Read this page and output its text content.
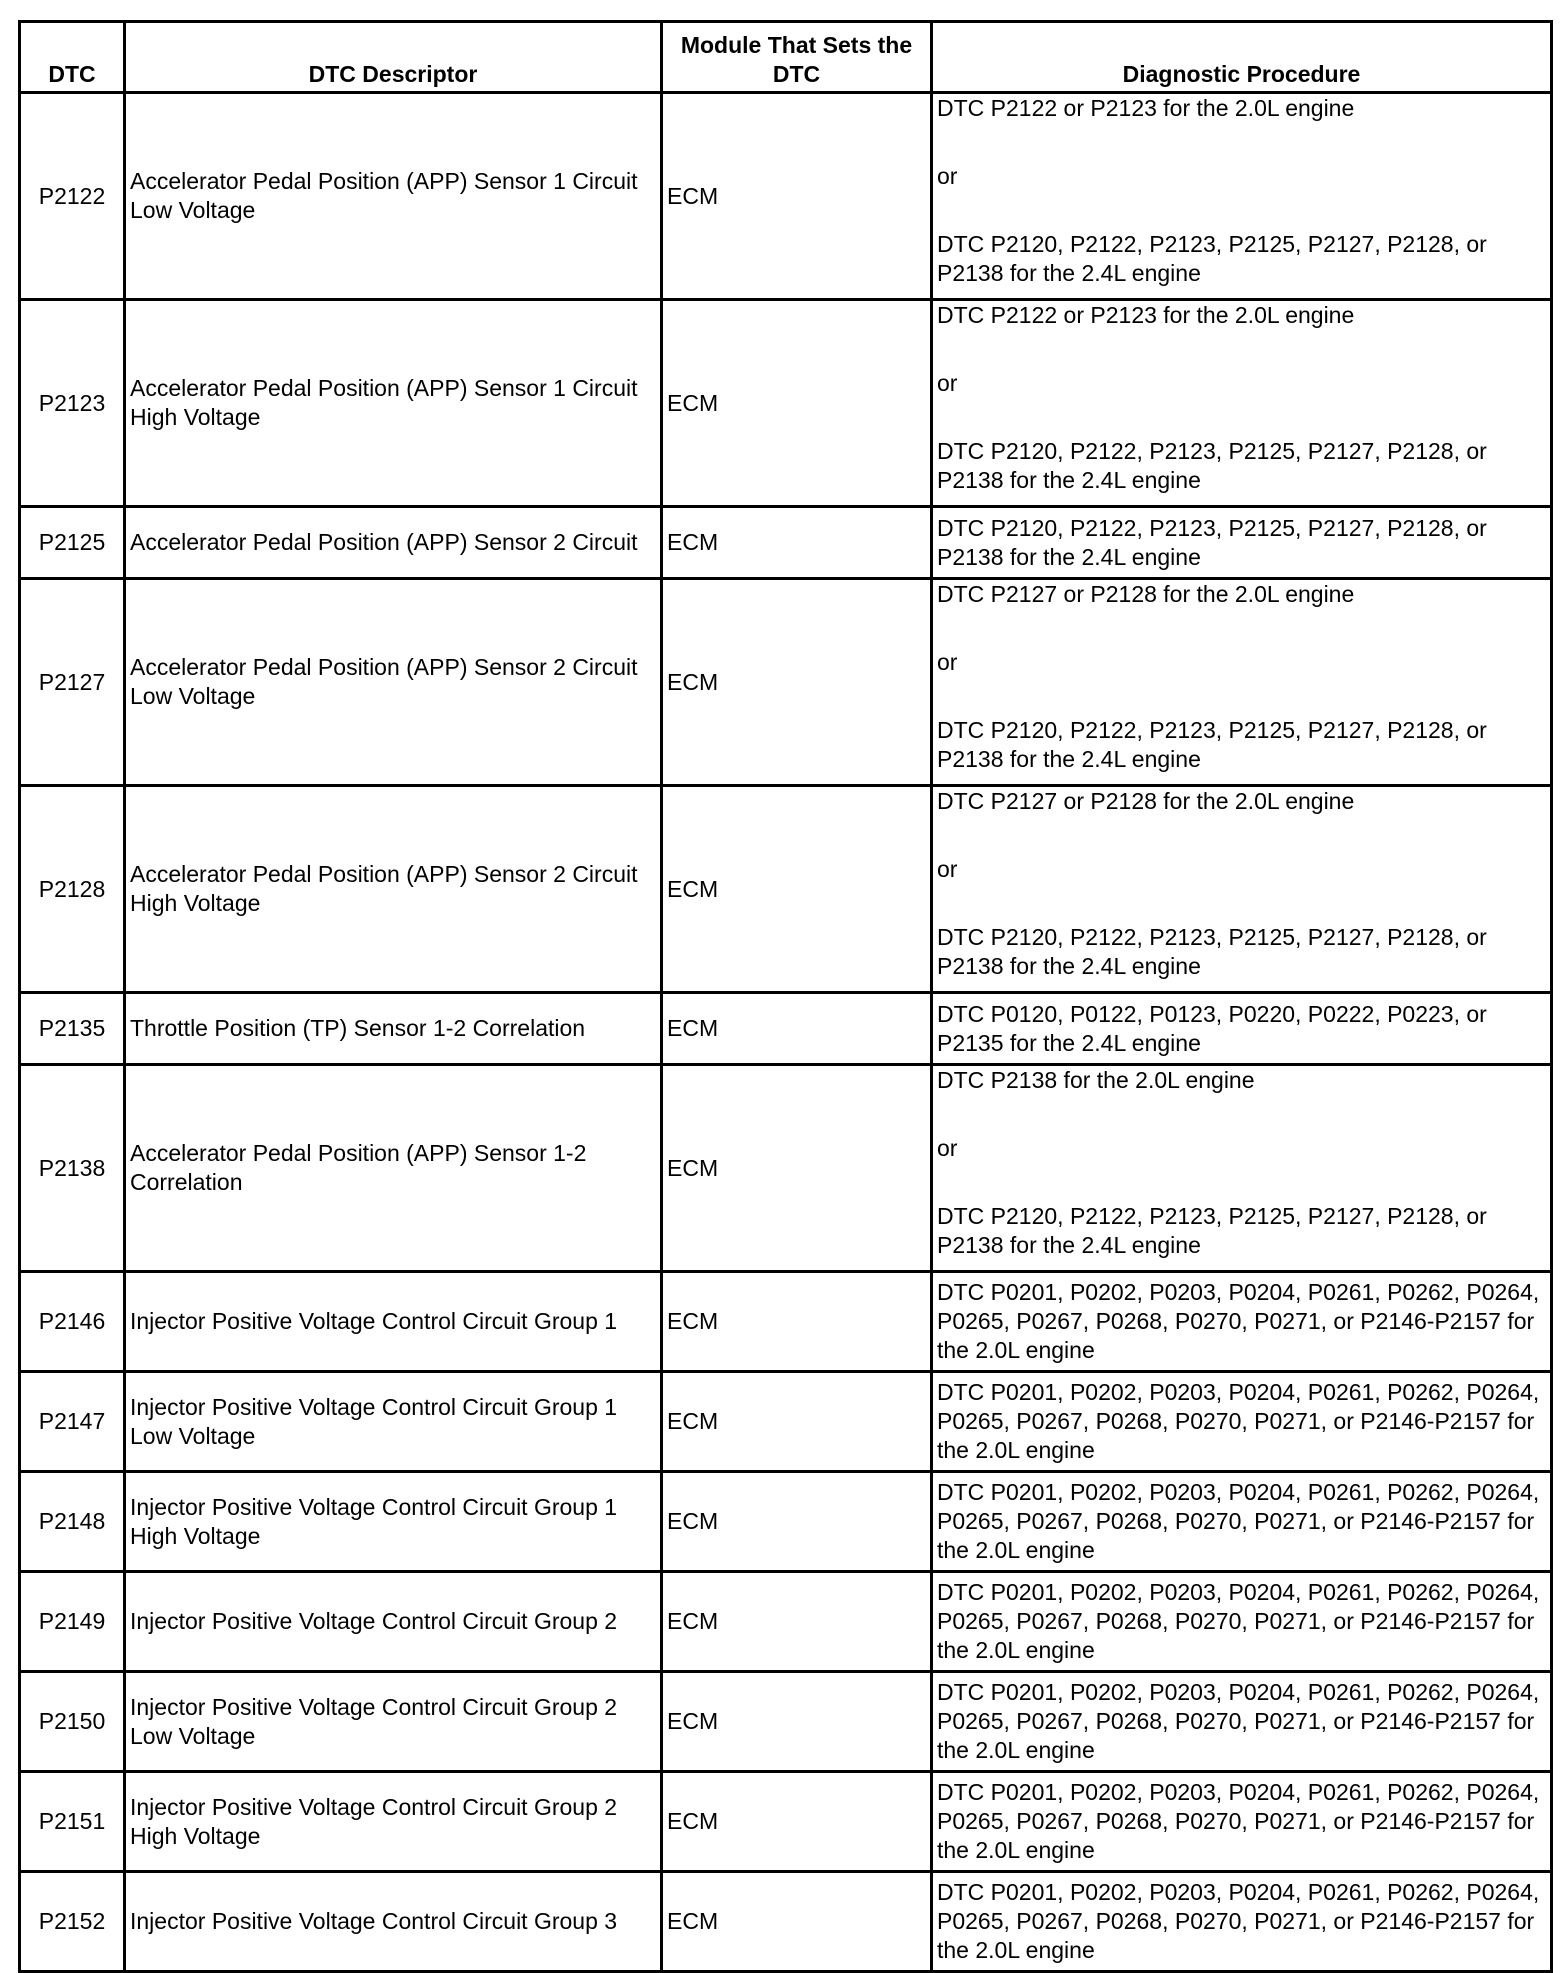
DTC	DTC Descriptor	Module That Sets the DTC	Diagnostic Procedure
P2122	Accelerator Pedal Position (APP) Sensor 1 Circuit Low Voltage	ECM	DTC P2122 or P2123 for the 2.0L engine
or
DTC P2120, P2122, P2123, P2125, P2127, P2128, or P2138 for the 2.4L engine

P2123	Accelerator Pedal Position (APP) Sensor 1 Circuit High Voltage	ECM	DTC P2122 or P2123 for the 2.0L engine
or
DTC P2120, P2122, P2123, P2125, P2127, P2128, or P2138 for the 2.4L engine

P2125	Accelerator Pedal Position (APP) Sensor 2 Circuit	ECM	DTC P2120, P2122, P2123, P2125, P2127, P2128, or P2138 for the 2.4L engine

P2127	Accelerator Pedal Position (APP) Sensor 2 Circuit Low Voltage	ECM	DTC P2127 or P2128 for the 2.0L engine
or
DTC P2120, P2122, P2123, P2125, P2127, P2128, or P2138 for the 2.4L engine

P2128	Accelerator Pedal Position (APP) Sensor 2 Circuit High Voltage	ECM	DTC P2127 or P2128 for the 2.0L engine
or
DTC P2120, P2122, P2123, P2125, P2127, P2128, or P2138 for the 2.4L engine

P2135	Throttle Position (TP) Sensor 1-2 Correlation	ECM	DTC P0120, P0122, P0123, P0220, P0222, P0223, or P2135 for the 2.4L engine

P2138	Accelerator Pedal Position (APP) Sensor 1-2 Correlation	ECM	DTC P2138 for the 2.0L engine
or
DTC P2120, P2122, P2123, P2125, P2127, P2128, or P2138 for the 2.4L engine

P2146	Injector Positive Voltage Control Circuit Group 1	ECM	DTC P0201, P0202, P0203, P0204, P0261, P0262, P0264, P0265, P0267, P0268, P0270, P0271, or P2146-P2157 for the 2.0L engine

P2147	Injector Positive Voltage Control Circuit Group 1 Low Voltage	ECM	DTC P0201, P0202, P0203, P0204, P0261, P0262, P0264, P0265, P0267, P0268, P0270, P0271, or P2146-P2157 for the 2.0L engine

P2148	Injector Positive Voltage Control Circuit Group 1 High Voltage	ECM	DTC P0201, P0202, P0203, P0204, P0261, P0262, P0264, P0265, P0267, P0268, P0270, P0271, or P2146-P2157 for the 2.0L engine

P2149	Injector Positive Voltage Control Circuit Group 2	ECM	DTC P0201, P0202, P0203, P0204, P0261, P0262, P0264, P0265, P0267, P0268, P0270, P0271, or P2146-P2157 for the 2.0L engine

P2150	Injector Positive Voltage Control Circuit Group 2 Low Voltage	ECM	DTC P0201, P0202, P0203, P0204, P0261, P0262, P0264, P0265, P0267, P0268, P0270, P0271, or P2146-P2157 for the 2.0L engine

P2151	Injector Positive Voltage Control Circuit Group 2 High Voltage	ECM	DTC P0201, P0202, P0203, P0204, P0261, P0262, P0264, P0265, P0267, P0268, P0270, P0271, or P2146-P2157 for the 2.0L engine

P2152	Injector Positive Voltage Control Circuit Group 3	ECM	DTC P0201, P0202, P0203, P0204, P0261, P0262, P0264, P0265, P0267, P0268, P0270, P0271, or P2146-P2157 for the 2.0L engine
